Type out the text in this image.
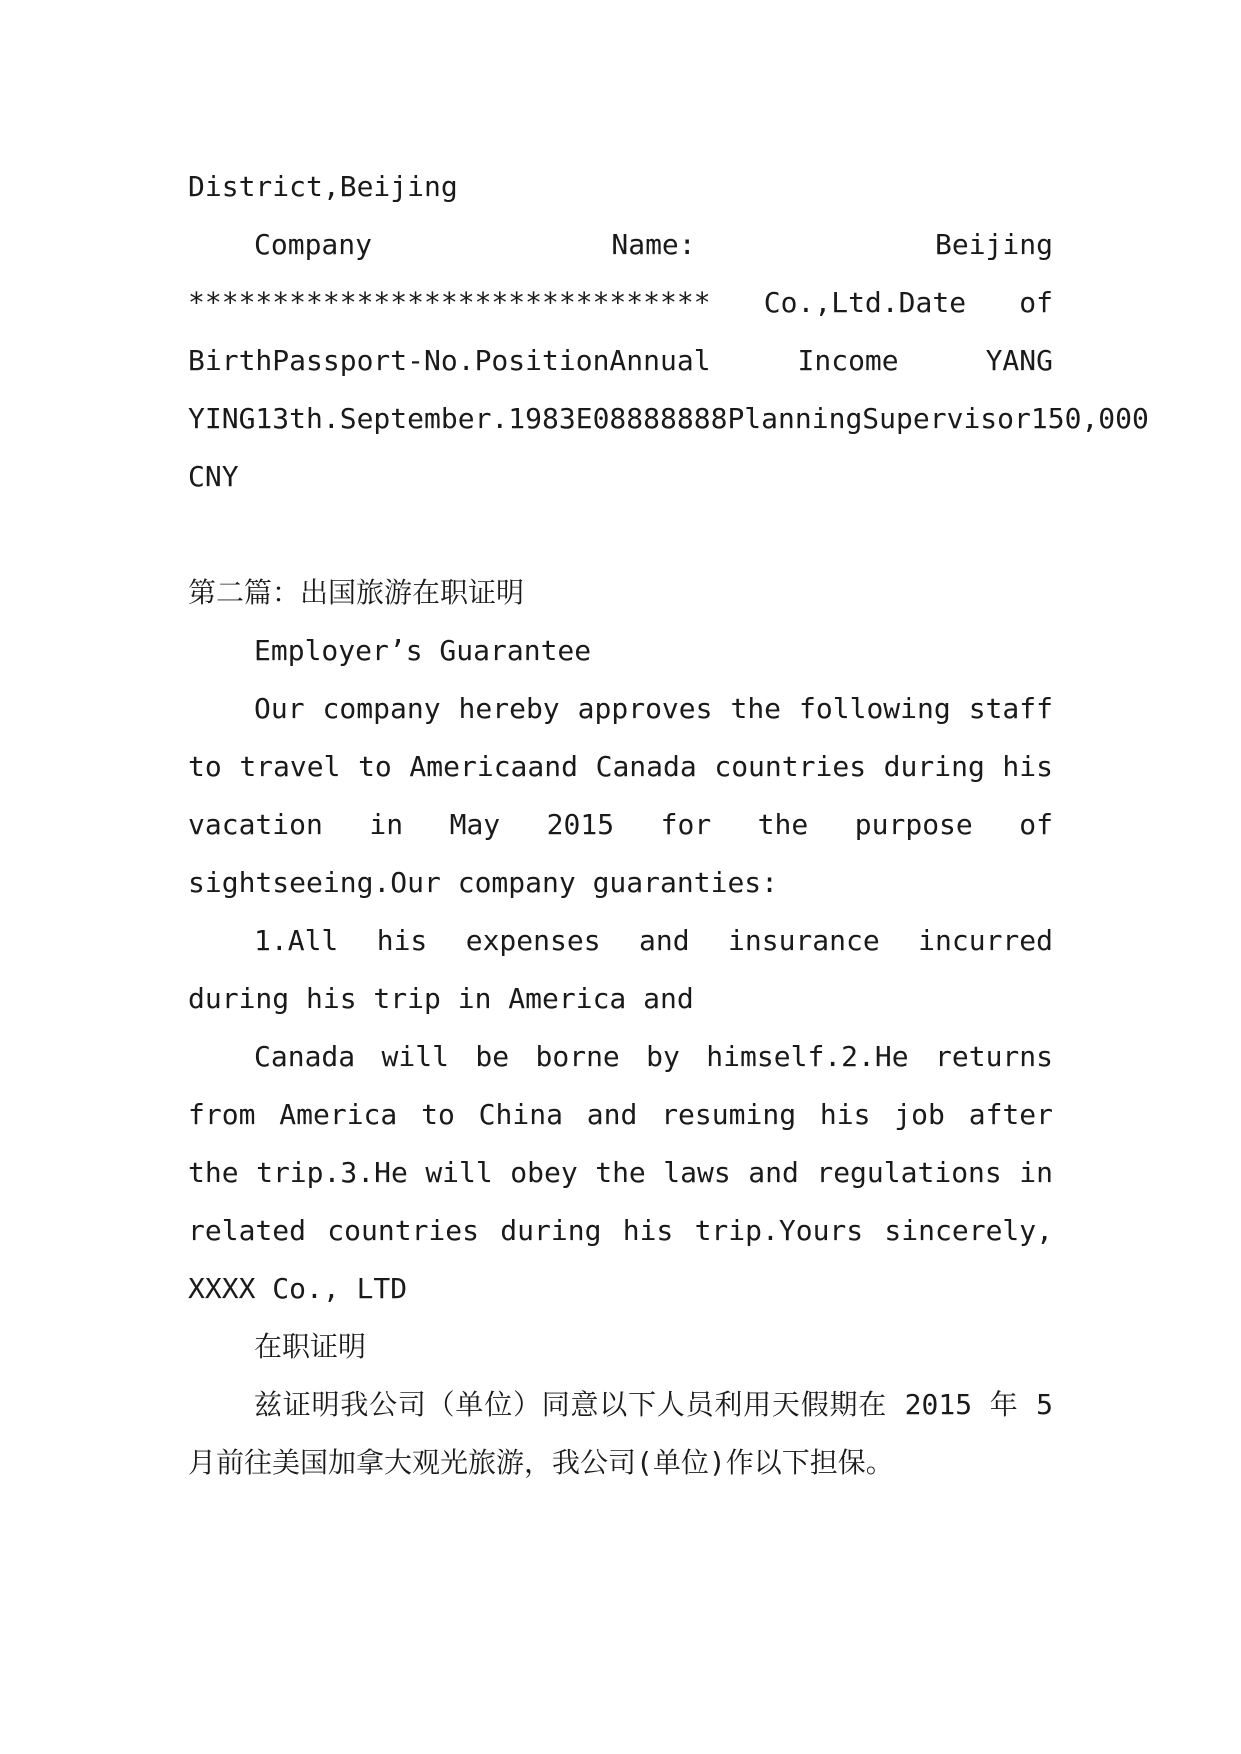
District,Beijing

Company Name: Beijing ******************************* Co.,Ltd.Date of BirthPassport-No.PositionAnnual Income YANG YING13th.September.1983E08888888PlanningSupervisor150,000 CNY

第二篇：出国旅游在职证明

Employer’s Guarantee

Our company hereby approves the following staff to travel to Americaand Canada countries during his vacation in May 2015 for the purpose of sightseeing.Our company guaranties:

1.All his expenses and insurance incurred during his trip in America and

Canada will be borne by himself.2.He returns from America to China and resuming his job after the trip.3.He will obey the laws and regulations in related countries during his trip.Yours sincerely, XXXX Co., LTD

在职证明

兹证明我公司（单位）同意以下人员利用天假期在 2015 年 5 月前往美国加拿大观光旅游，我公司(单位)作以下担保。
